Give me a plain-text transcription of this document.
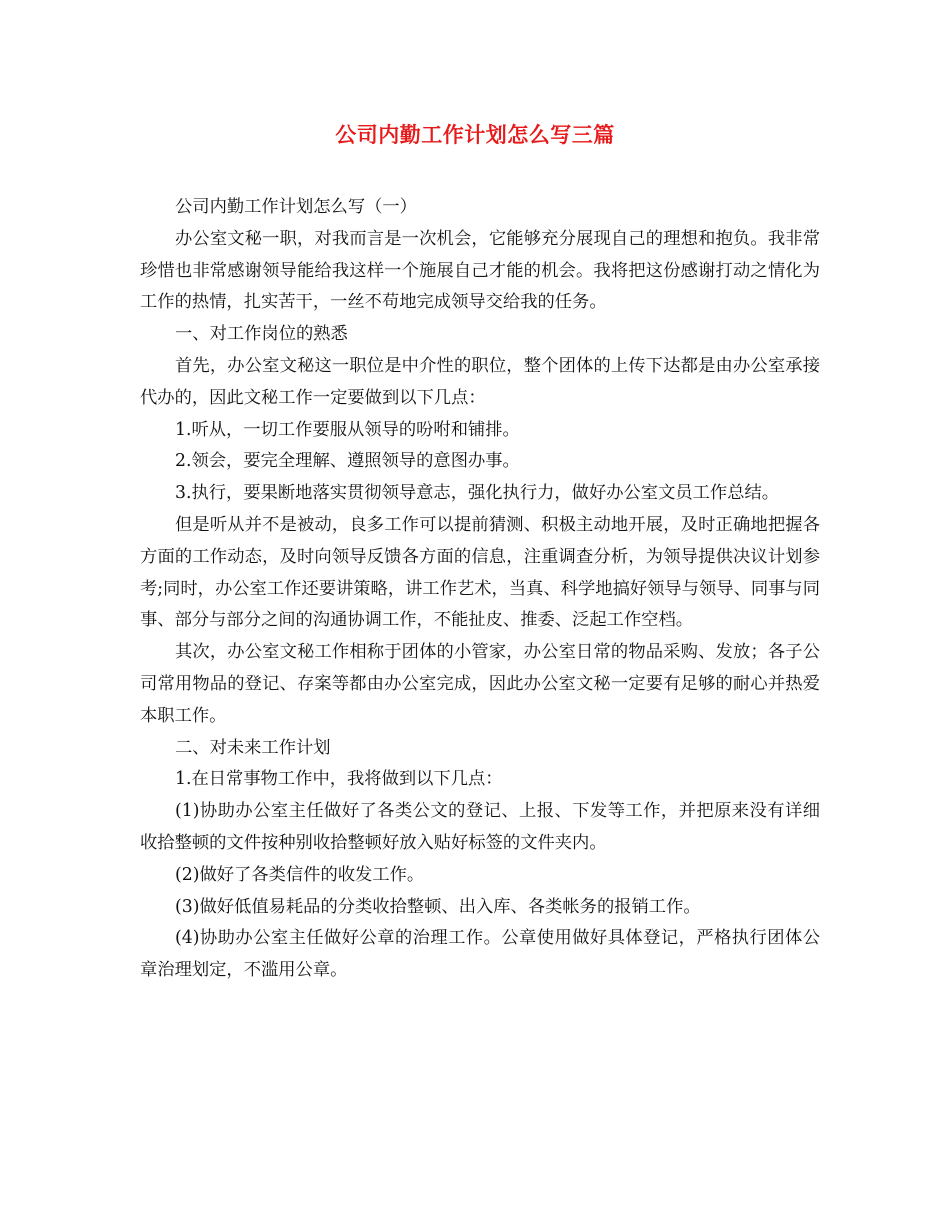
公司内勤工作计划怎么写三篇

公司内勤工作计划怎么写（一）

办公室文秘一职，对我而言是一次机会，它能够充分展现自己的理想和抱负。我非常珍惜也非常感谢领导能给我这样一个施展自己才能的机会。我将把这份感谢打动之情化为工作的热情，扎实苦干，一丝不苟地完成领导交给我的任务。

一、对工作岗位的熟悉

首先，办公室文秘这一职位是中介性的职位，整个团体的上传下达都是由办公室承接代办的，因此文秘工作一定要做到以下几点：

1.听从，一切工作要服从领导的吩咐和铺排。

2.领会，要完全理解、遵照领导的意图办事。

3.执行，要果断地落实贯彻领导意志，强化执行力，做好办公室文员工作总结。

但是听从并不是被动，良多工作可以提前猜测、积极主动地开展，及时正确地把握各方面的工作动态，及时向领导反馈各方面的信息，注重调查分析，为领导提供决议计划参考;同时，办公室工作还要讲策略，讲工作艺术，当真、科学地搞好领导与领导、同事与同事、部分与部分之间的沟通协调工作，不能扯皮、推委、泛起工作空档。

其次，办公室文秘工作相称于团体的小管家，办公室日常的物品采购、发放；各子公司常用物品的登记、存案等都由办公室完成，因此办公室文秘一定要有足够的耐心并热爱本职工作。

二、对未来工作计划

1.在日常事物工作中，我将做到以下几点：

(1)协助办公室主任做好了各类公文的登记、上报、下发等工作，并把原来没有详细收拾整顿的文件按种别收拾整顿好放入贴好标签的文件夹内。

(2)做好了各类信件的收发工作。

(3)做好低值易耗品的分类收拾整顿、出入库、各类帐务的报销工作。

(4)协助办公室主任做好公章的治理工作。公章使用做好具体登记，严格执行团体公章治理划定，不滥用公章。
